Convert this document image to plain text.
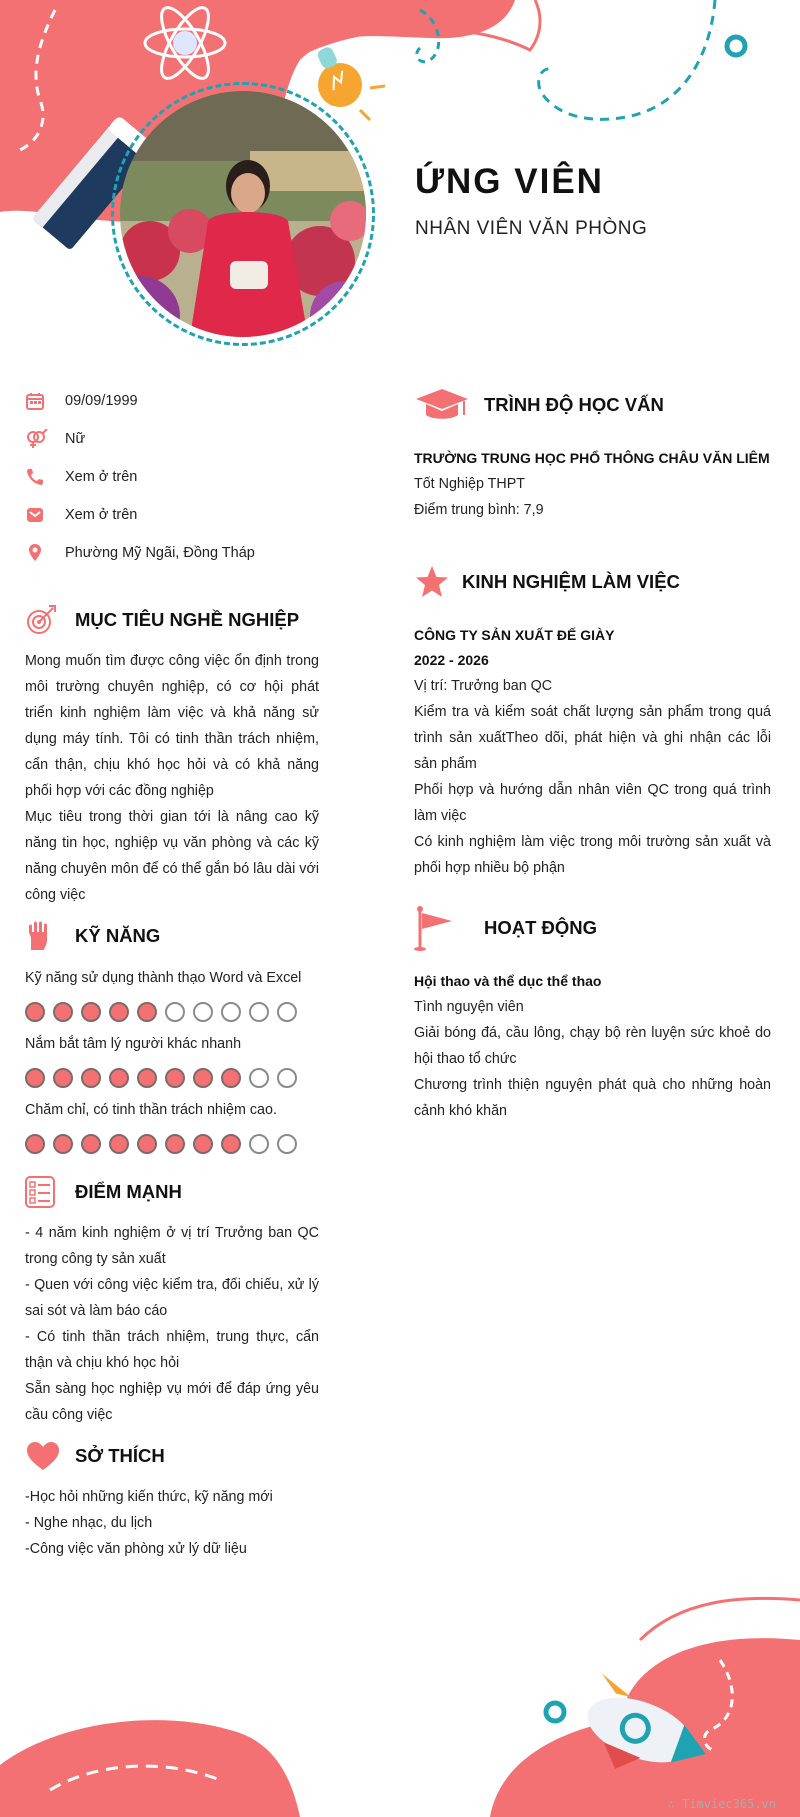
ỨNG VIÊN
NHÂN VIÊN VĂN PHÒNG
09/09/1999
Nữ
Xem ở trên
Xem ở trên
Phường Mỹ Ngãi, Đồng Tháp
MỤC TIÊU NGHỀ NGHIỆP
Mong muốn tìm được công việc ổn định trong môi trường chuyên nghiệp, có cơ hội phát triển kinh nghiệm làm việc và khả năng sử dụng máy tính. Tôi có tinh thần trách nhiệm, cẩn thận, chịu khó học hỏi và có khả năng phối hợp với các đồng nghiệp
Mục tiêu trong thời gian tới là nâng cao kỹ năng tin học, nghiệp vụ văn phòng và các kỹ năng chuyên môn để có thể gắn bó lâu dài với công việc
KỸ NĂNG
Kỹ năng sử dụng thành thạo Word và Excel
Nắm bắt tâm lý người khác nhanh
Chăm chỉ, có tinh thần trách nhiệm cao.
ĐIỂM MẠNH
- 4 năm kinh nghiệm ở vị trí Trưởng ban QC trong công ty sản xuất
- Quen với công việc kiểm tra, đối chiếu, xử lý sai sót và làm báo cáo
- Có tinh thần trách nhiệm, trung thực, cẩn thận và chịu khó học hỏi
Sẵn sàng học nghiệp vụ mới để đáp ứng yêu cầu công việc
SỞ THÍCH
-Học hỏi những kiến thức, kỹ năng mới
- Nghe nhạc, du lịch
-Công việc văn phòng xử lý dữ liệu
TRÌNH ĐỘ HỌC VẤN
TRƯỜNG TRUNG HỌC PHỔ THÔNG CHÂU VĂN LIÊM
Tốt Nghiệp THPT
Điểm trung bình: 7,9
KINH NGHIỆM LÀM VIỆC
CÔNG TY SẢN XUẤT ĐẾ GIÀY
2022 - 2026
Vị trí: Trưởng ban QC
Kiểm tra và kiểm soát chất lượng sản phẩm trong quá trình sản xuấtTheo dõi, phát hiện và ghi nhận các lỗi sản phẩm
Phối hợp và hướng dẫn nhân viên QC trong quá trình làm việc
Có kinh nghiệm làm việc trong môi trường sản xuất và phối hợp nhiều bộ phận
HOẠT ĐỘNG
Hội thao và thể dục thể thao
Tình nguyện viên
Giải bóng đá, cầu lông, chạy bộ rèn luyện sức khoẻ do hội thao tổ chức
Chương trình thiện nguyện phát quà cho những hoàn cảnh khó khăn
∴ Timviec365.vn
